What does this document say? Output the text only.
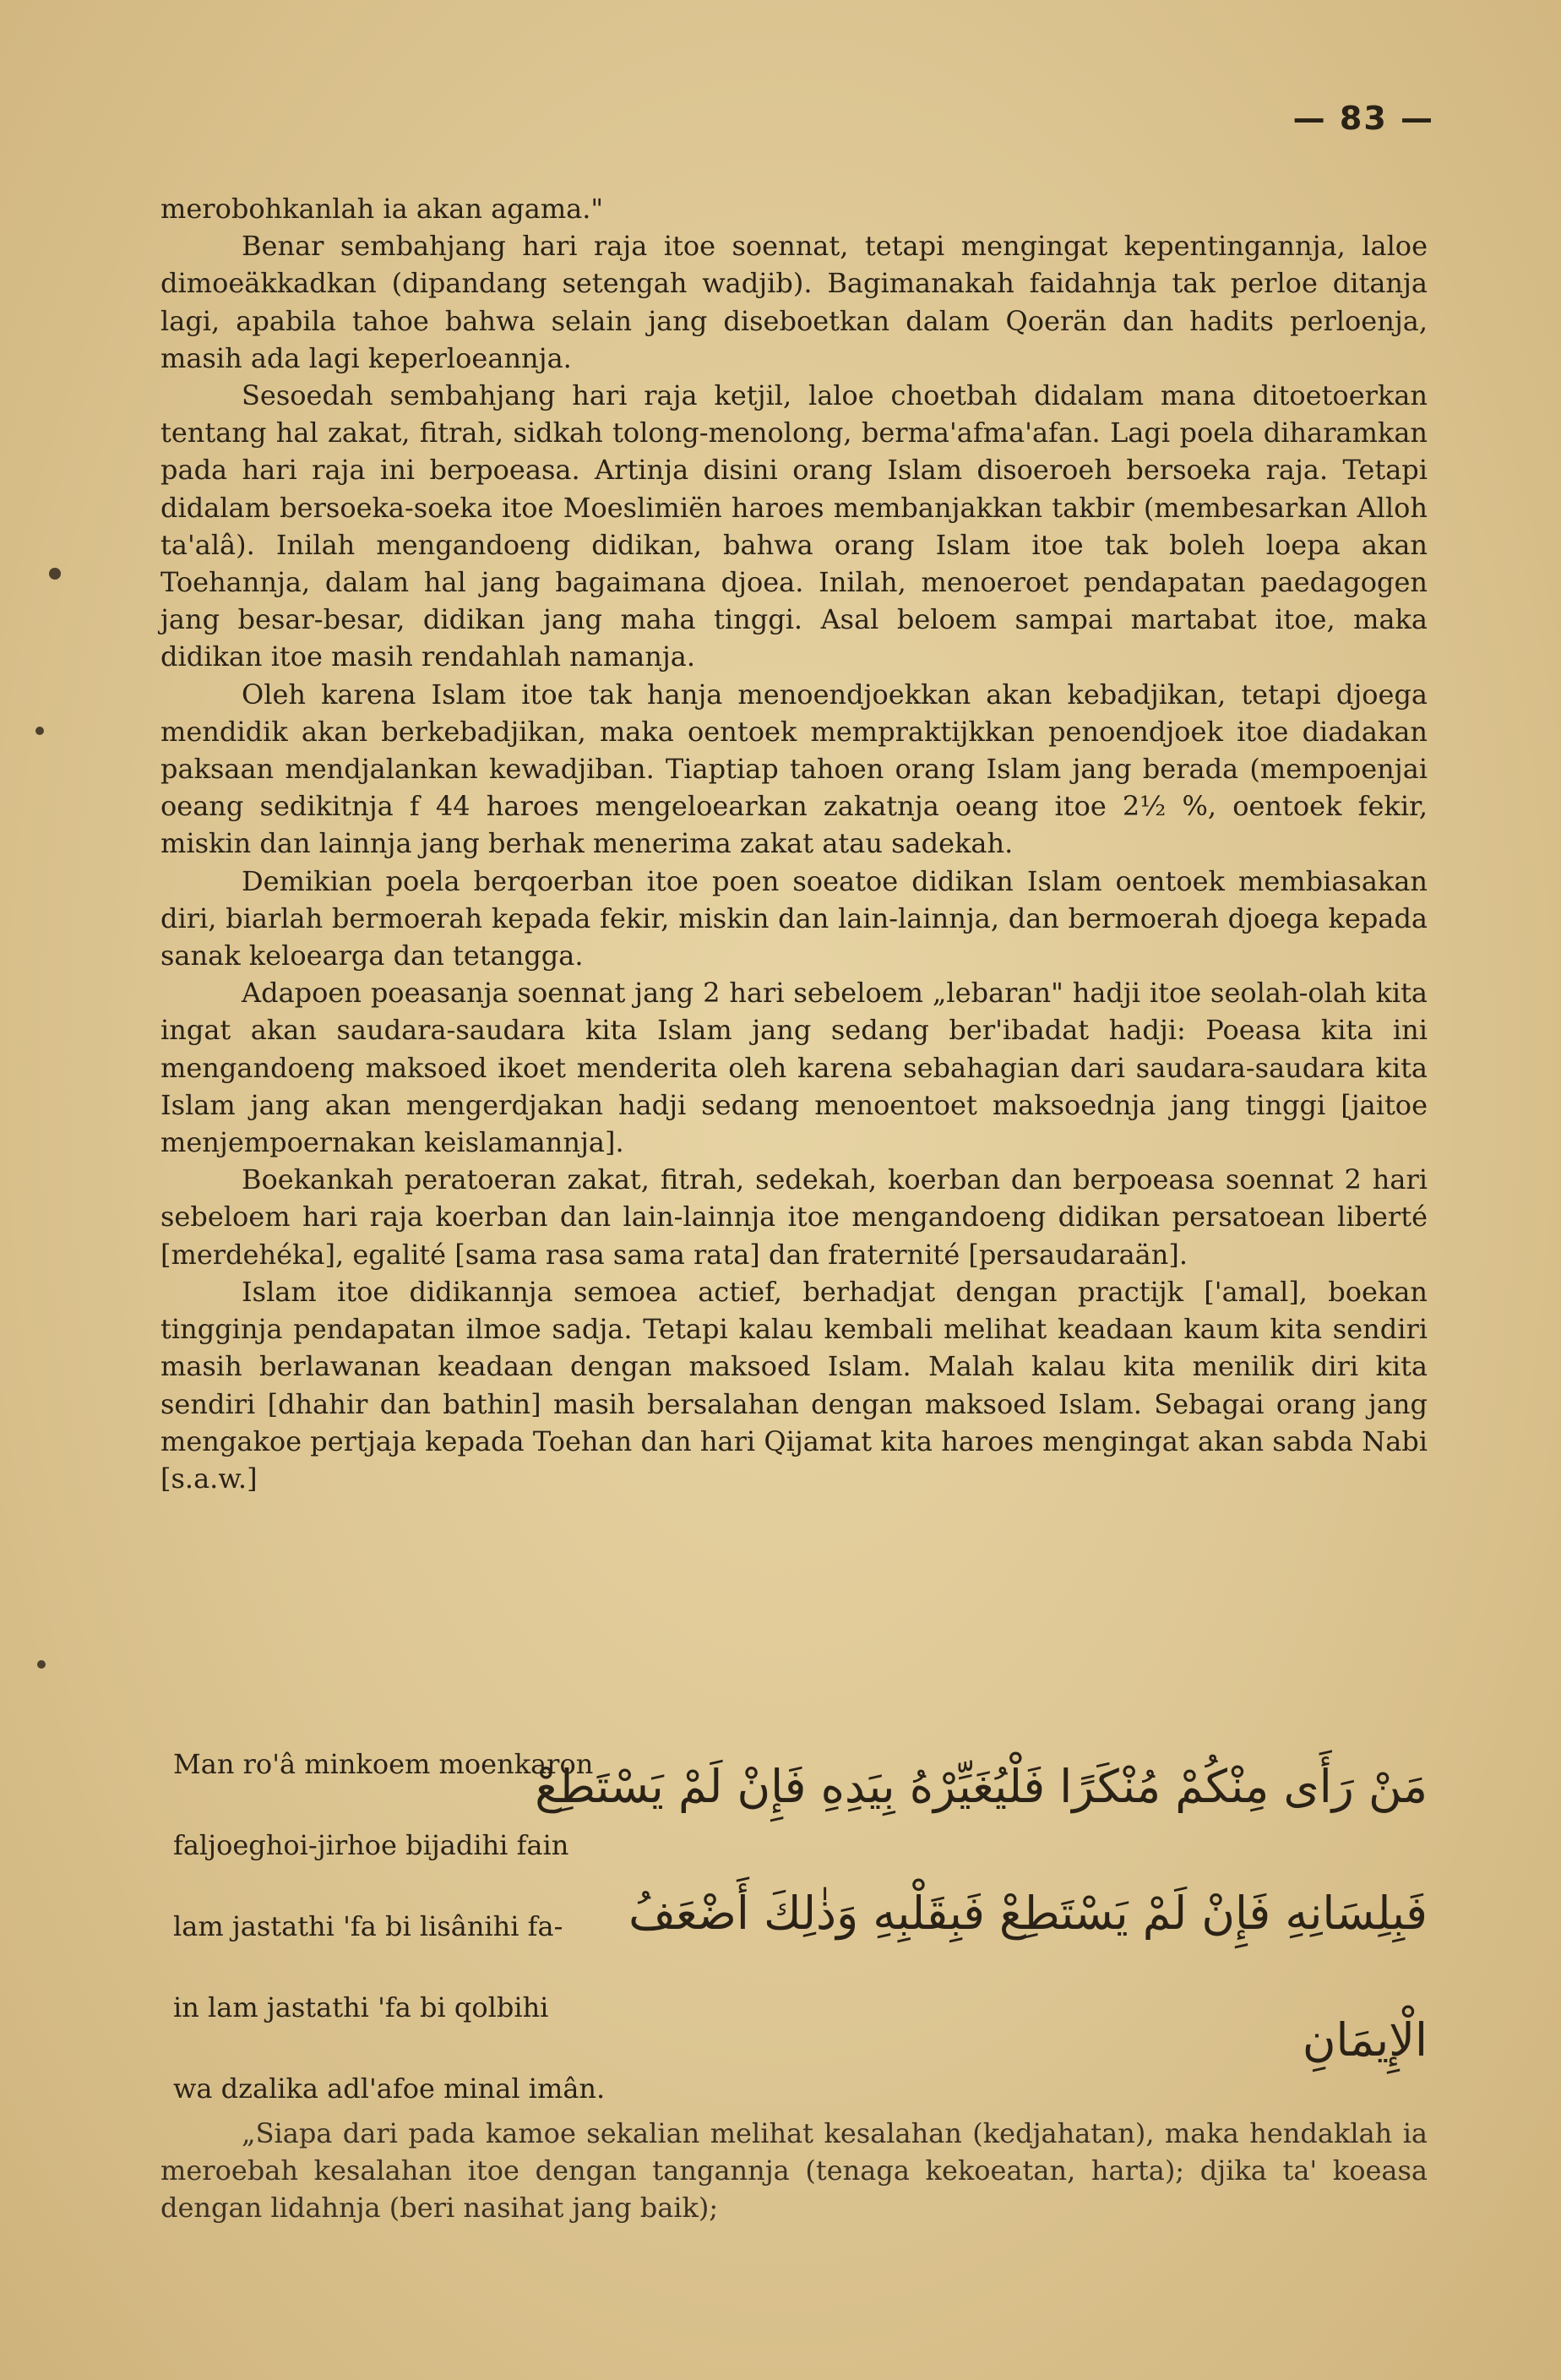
— 83 —

merobohkanlah ia akan agama."

Benar sembahjang hari raja itoe soennat, tetapi mengingat kepentingannja, laloe dimoeäkkadkan (dipandang setengah wadjib). Bagimanakah faidahnja tak perloe ditanja lagi, apabila tahoe bahwa selain jang diseboetkan dalam Qoerän dan hadits perloenja, masih ada lagi keperloeannja.

Sesoedah sembahjang hari raja ketjil, laloe choetbah didalam mana ditoetoerkan tentang hal zakat, fitrah, sidkah tolong-menolong, berma'afma'afan. Lagi poela diharamkan pada hari raja ini berpoeasa. Artinja disini orang Islam disoeroeh bersoeka raja. Tetapi didalam bersoeka-soeka itoe Moeslimiën haroes membanjakkan takbir (membesarkan Alloh ta'alâ). Inilah mengandoeng didikan, bahwa orang Islam itoe tak boleh loepa akan Toehannja, dalam hal jang bagaimana djoea. Inilah, menoeroet pendapatan paedagogen jang besar-besar, didikan jang maha tinggi. Asal beloem sampai martabat itoe, maka didikan itoe masih rendahlah namanja.

Oleh karena Islam itoe tak hanja menoendjoekkan akan kebadjikan, tetapi djoega mendidik akan berkebadjikan, maka oentoek mempraktijkkan penoendjoek itoe diadakan paksaan mendjalankan kewadjiban. Tiaptiap tahoen orang Islam jang berada (mempoenjai oeang sedikitnja f 44 haroes mengeloearkan zakatnja oeang itoe 2½ %, oentoek fekir, miskin dan lainnja jang berhak menerima zakat atau sadekah.

Demikian poela berqoerban itoe poen soeatoe didikan Islam oentoek membiasakan diri, biarlah bermoerah kepada fekir, miskin dan lain-lainnja, dan bermoerah djoega kepada sanak keloearga dan tetangga.

Adapoen poeasanja soennat jang 2 hari sebeloem „lebaran" hadji itoe seolah-olah kita ingat akan saudara-saudara kita Islam jang sedang ber'ibadat hadji: Poeasa kita ini mengandoeng maksoed ikoet menderita oleh karena sebahagian dari saudara-saudara kita Islam jang akan mengerdjakan hadji sedang menoentoet maksoednja jang tinggi [jaitoe menjempoernakan keislamannja].

Boekankah peratoeran zakat, fitrah, sedekah, koerban dan berpoeasa soennat 2 hari sebeloem hari raja koerban dan lain-lainnja itoe mengandoeng didikan persatoean liberté [merdehéka], egalité [sama rasa sama rata] dan fraternité [persaudaraän].

Islam itoe didikannja semoea actief, berhadjat dengan practijk ['amal], boekan tingginja pendapatan ilmoe sadja. Tetapi kalau kembali melihat keadaan kaum kita sendiri masih berlawanan keadaan dengan maksoed Islam. Malah kalau kita menilik diri kita sendiri [dhahir dan bathin] masih bersalahan dengan maksoed Islam. Sebagai orang jang mengakoe pertjaja kepada Toehan dan hari Qijamat kita haroes mengingat akan sabda Nabi [s.a.w.]

Man ro'â minkoem moenkaron
faljoeghoi-jirhoe bijadihi fain
lam jastathi 'fa bi lisânihi fa-
in lam jastathi 'fa bi qolbihi
wa dzalika adl'afoe minal imân.
مَنْ رَأَى مِنْكُمْ مُنْكَرًا فَلْيُغَيِّرْهُ بِيَدِهِ فَإِنْ لَمْ يَسْتَطِعْ
فَبِلِسَانِهِ فَإِنْ لَمْ يَسْتَطِعْ فَبِقَلْبِهِ وَذٰلِكَ أَضْعَفُ
الْإِيمَانِ

„Siapa dari pada kamoe sekalian melihat kesalahan (kedjahatan), maka hendaklah ia meroebah kesalahan itoe dengan tangannja (tenaga kekoeatan, harta); djika ta' koeasa dengan lidahnja (beri nasihat jang baik);
